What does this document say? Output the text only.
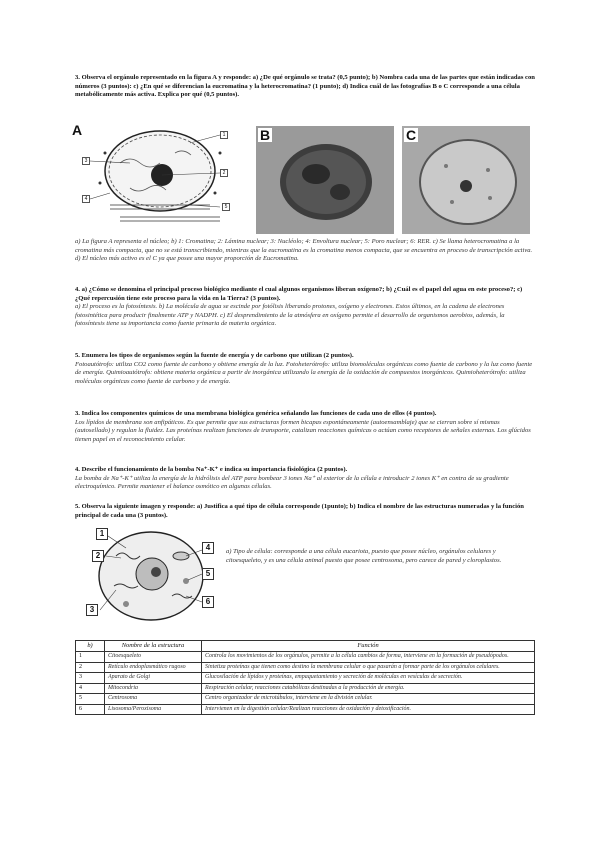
3. Observa el orgánulo representado en la figura A y responde: a) ¿De qué orgánulo se trata? (0,5 punto); b) Nombra cada una de las partes que están indicadas con números (3 puntos): c) ¿En qué se diferencian la eucromatina y la heterocromatina? (1 punto); d) Indica cuál de las fotografías B o C corresponde a una célula metabólicamente más activa. Explica por qué (0,5 puntos).
A	1
2
3
4
5
B	C
a) La figura A representa el núcleo; b) 1: Cromatina; 2: Lámina nuclear; 3: Nucléolo; 4: Envoltura nuclear; 5: Poro nuclear; 6: RER. c) Se llama heterocromatina a la cromatina más compacta, que no se está transcribiendo, mientras que la eucromatina es la cromatina menos compacta, que se encuentra en proceso de transcripción activa. d) El núcleo más activo es el C ya que posee una mayor proporción de Eucromatina.
4. a) ¿Cómo se denomina el principal proceso biológico mediante el cual algunos organismos liberan oxígeno?; b) ¿Cuál es el papel del agua en este proceso?; c) ¿Qué repercusión tiene este proceso para la vida en la Tierra? (3 puntos).
a) El proceso es la fotosíntesis. b) La molécula de agua se escinde por fotólisis liberando protones, oxígeno y electrones. Estos últimos, en la cadena de electrones fotosintética para producir finalmente ATP y NADPH. c) El desprendimiento de la atmósfera en oxígeno permite el desarrollo de organismos aerobios, además, la fotosíntesis tiene su importancia como fuente primaria de materia orgánica.
5. Enumera los tipos de organismos según la fuente de energía y de carbono que utilizan (2 puntos).
Fotoautótrofo: utiliza CO2 como fuente de carbono y obtiene energía de la luz. Fotoheterótrofo: utiliza biomoléculas orgánicas como fuente de carbono y la luz como fuente de energía. Quimioautótrofo: obtiene materia orgánica a partir de inorgánica utilizando la energía de la oxidación de compuestos inorgánicos. Quimioheterótrofo: utiliza moléculas orgánicas como fuente de carbono y de energía.
3. Indica los componentes químicos de una membrana biológica genérica señalando las funciones de cada uno de ellos (4 puntos).
Los lípidos de membrana son anfipáticos. Es que permite que sus estructuras formen bicapas espontáneamente (autoensamblaje) que se cierran sobre sí mismas (autosellado) y regulan la fluidez. Las proteínas realizan funciones de transporte, catalizan reacciones químicas o actúan como receptores de señales externas. Los glúcidos tienen papel en el reconocimiento celular.
4. Describe el funcionamiento de la bomba Na⁺-K⁺ e indica su importancia fisiológica (2 puntos).
La bomba de Na⁺-K⁺ utiliza la energía de la hidrólisis del ATP para bombear 3 iones Na⁺ al exterior de la célula e introducir 2 iones K⁺ en contra de su gradiente electroquímico. Permite mantener el balance osmótico en algunas células.
5. Observa la siguiente imagen y responde: a) Justifica a qué tipo de célula corresponde (1punto); b) Indica el nombre de las estructuras numeradas y la función principal de cada una (3 puntos).
1
2
3
4
5
6
a) Tipo de célula: corresponde a una célula eucariota, puesto que posee núcleo, orgánulos celulares y citoesqueleto, y es una célula animal puesto que posee centrosoma, pero carece de pared y cloroplastos.
b)	Nombre de la estructura	Función
1	Citoesqueleto	Controla los movimientos de los orgánulos, permite a la célula cambios de forma, interviene en la formación de pseudópodos.
2	Retículo endoplasmático rugoso	Sintetiza proteínas que tienen como destino la membrana celular o que pasarán a formar parte de los orgánulos celulares.
3	Aparato de Golgi	Glucosilación de lípidos y proteínas, empaquetamiento y secreción de moléculas en vesículas de secreción.
4	Mitocondria	Respiración celular, reacciones catabólicas destinadas a la producción de energía.
5	Centrosoma	Centro organizador de microtúbulos, interviene en la división celular.
6	Lisosoma/Peroxisoma	Intervienen en la digestión celular/Realizan reacciones de oxidación y detoxificación.
